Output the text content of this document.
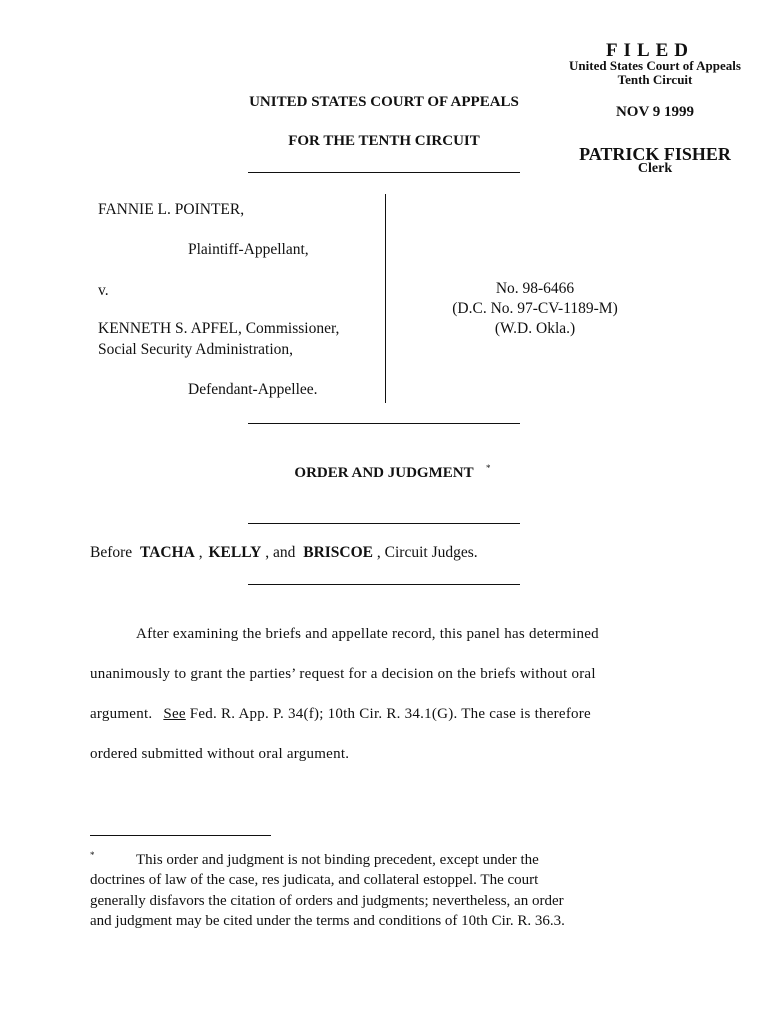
FILED
United States Court of Appeals
Tenth Circuit
NOV 9 1999
PATRICK FISHER
Clerk
UNITED STATES COURT OF APPEALS
FOR THE TENTH CIRCUIT
FANNIE L. POINTER,
Plaintiff-Appellant,
v.
KENNETH S. APFEL, Commissioner,
Social Security Administration,
Defendant-Appellee.
No. 98-6466
(D.C. No. 97-CV-1189-M)
(W.D. Okla.)
ORDER AND JUDGMENT	*
Before TACHA , KELLY , and BRISCOE , Circuit Judges.
After examining the briefs and appellate record, this panel has determined
unanimously to grant the parties’ request for a decision on the briefs without oral
argument. See Fed. R. App. P. 34(f); 10th Cir. R. 34.1(G). The case is therefore
ordered submitted without oral argument.
*	This order and judgment is not binding precedent, except under the
doctrines of law of the case, res judicata, and collateral estoppel. The court
generally disfavors the citation of orders and judgments; nevertheless, an order
and judgment may be cited under the terms and conditions of 10th Cir. R. 36.3.
